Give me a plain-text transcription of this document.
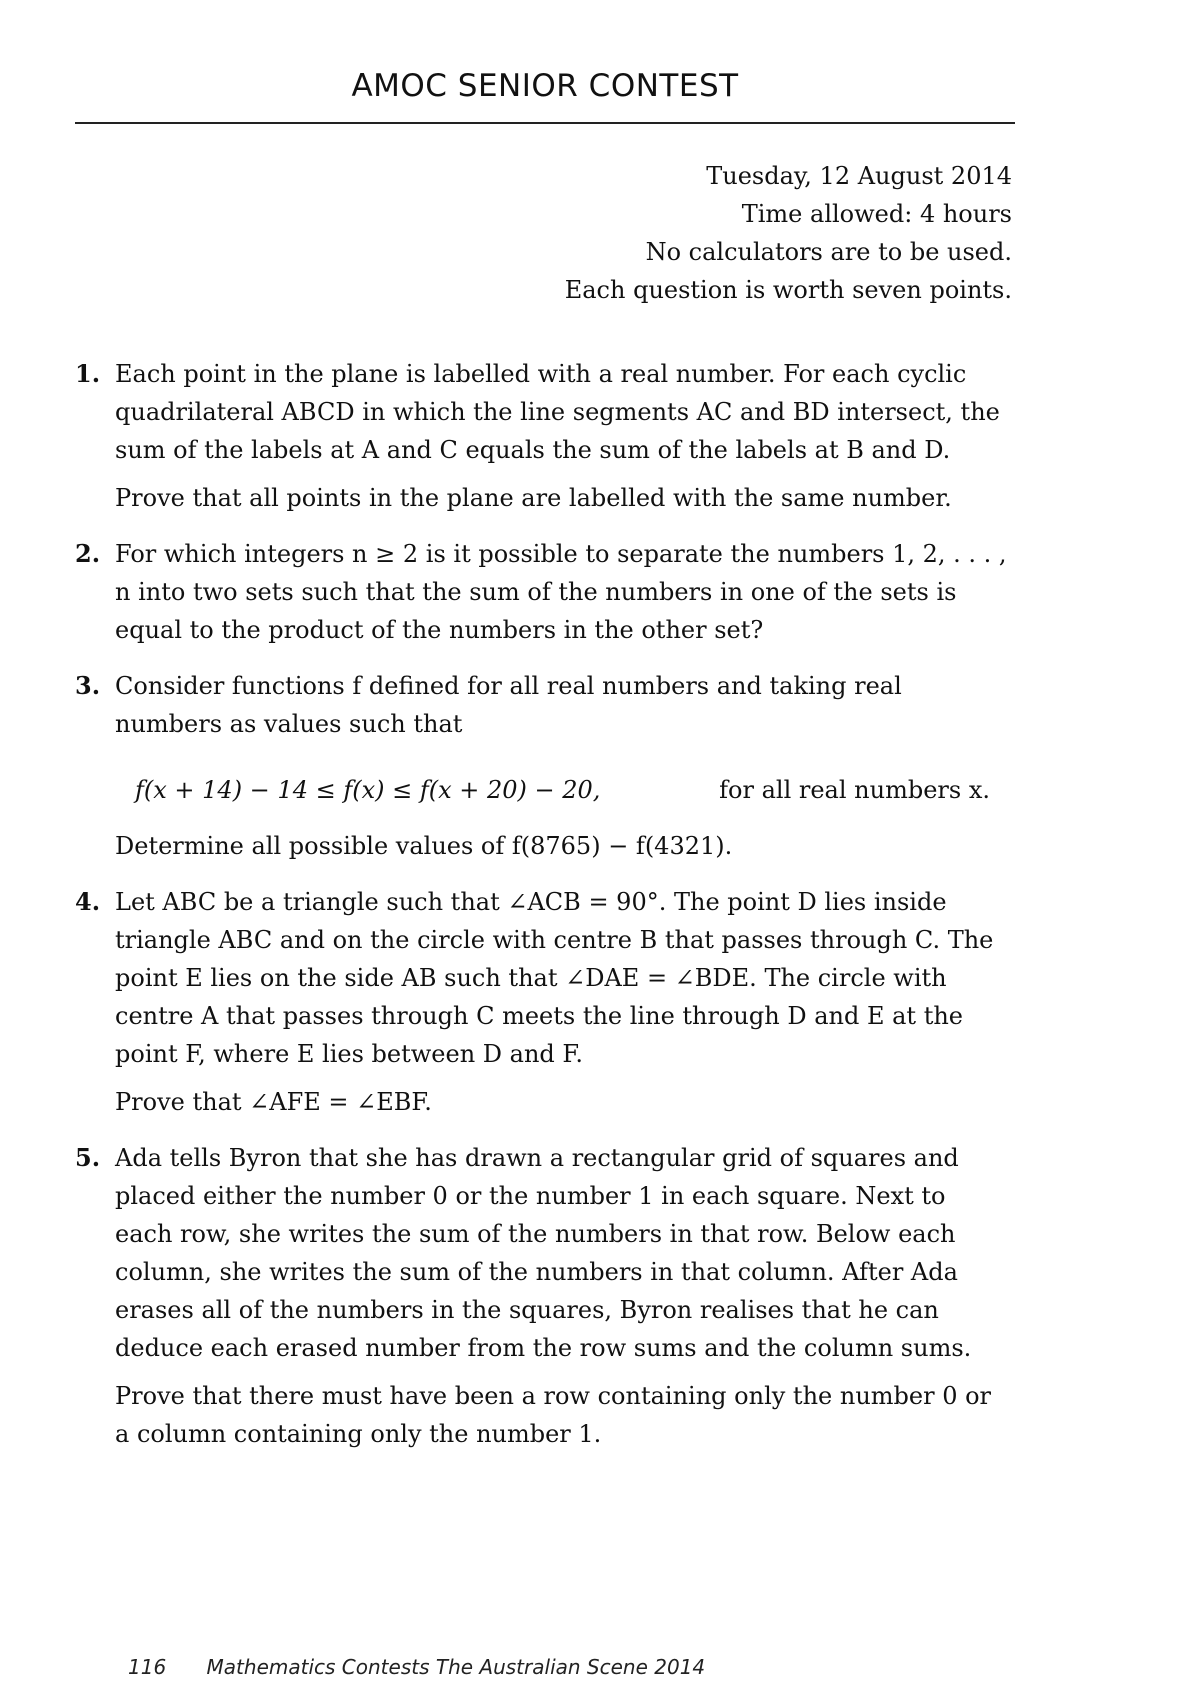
AMOC SENIOR CONTEST
Tuesday, 12 August 2014
Time allowed: 4 hours
No calculators are to be used.
Each question is worth seven points.
1. Each point in the plane is labelled with a real number. For each cyclic quadrilateral ABCD in which the line segments AC and BD intersect, the sum of the labels at A and C equals the sum of the labels at B and D.

Prove that all points in the plane are labelled with the same number.

2. For which integers n ≥ 2 is it possible to separate the numbers 1, 2, . . . , n into two sets such that the sum of the numbers in one of the sets is equal to the product of the numbers in the other set?

3. Consider functions f defined for all real numbers and taking real numbers as values such that

f(x + 14) − 14 ≤ f(x) ≤ f(x + 20) − 20,	for all real numbers x.

Determine all possible values of f(8765) − f(4321).

4. Let ABC be a triangle such that ∠ACB = 90°. The point D lies inside triangle ABC and on the circle with centre B that passes through C. The point E lies on the side AB such that ∠DAE = ∠BDE. The circle with centre A that passes through C meets the line through D and E at the point F, where E lies between D and F.

Prove that ∠AFE = ∠EBF.

5. Ada tells Byron that she has drawn a rectangular grid of squares and placed either the number 0 or the number 1 in each square. Next to each row, she writes the sum of the numbers in that row. Below each column, she writes the sum of the numbers in that column. After Ada erases all of the numbers in the squares, Byron realises that he can deduce each erased number from the row sums and the column sums.

Prove that there must have been a row containing only the number 0 or a column containing only the number 1.

116 Mathematics Contests The Australian Scene 2014
